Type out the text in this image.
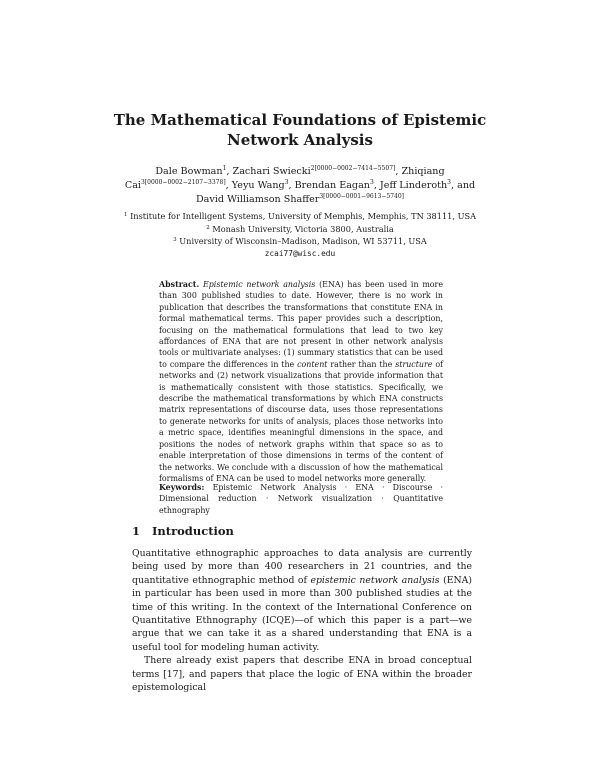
The Mathematical Foundations of Epistemic
Network Analysis
Dale Bowman$^1$, Zachari Swiecki$^{2[0000-0002-7414-5507]}$, Zhiqiang Cai$^{3[0000-0002-2107-3378]}$, Yeyu Wang$^3$, Brendan Eagan$^3$, Jeff Linderoth$^3$, and
David Williamson Shaffer$^{3[0000-0001-9613-5740]}$
$^1$ Institute for Intelligent Systems, University of Memphis, Memphis, TN 38111, USA
$^2$ Monash University, Victoria 3800, Australia
$^3$ University of Wisconsin–Madison, Madison, WI 53711, USA
zcai77@wisc.edu
Abstract. Epistemic network analysis (ENA) has been used in more than 300 published studies to date. However, there is no work in publication that describes the transformations that constitute ENA in formal mathematical terms. This paper provides such a description, focusing on the mathematical formulations that lead to two key affordances of ENA that are not present in other network analysis tools or multivariate analyses: (1) summary statistics that can be used to compare the differences in the content rather than the structure of networks and (2) network visualizations that provide information that is mathematically consistent with those statistics. Specifically, we describe the mathematical transformations by which ENA constructs matrix representations of discourse data, uses those representations to generate networks for units of analysis, places those networks into a metric space, identifies meaningful dimensions in the space, and positions the nodes of network graphs within that space so as to enable interpretation of those dimensions in terms of the content of the networks. We conclude with a discussion of how the mathematical formalisms of ENA can be used to model networks more generally.
Keywords: Epistemic Network Analysis · ENA · Discourse · Dimensional reduction · Network visualization · Quantitative ethnography
1 Introduction

Quantitative ethnographic approaches to data analysis are currently being used by more than 400 researchers in 21 countries, and the quantitative ethnographic method of epistemic network analysis (ENA) in particular has been used in more than 300 published studies at the time of this writing. In the context of the International Conference on Quantitative Ethnography (ICQE)—of which this paper is a part—we argue that we can take it as a shared understanding that ENA is a useful tool for modeling human activity.

There already exist papers that describe ENA in broad conceptual terms [17], and papers that place the logic of ENA within the broader epistemological
